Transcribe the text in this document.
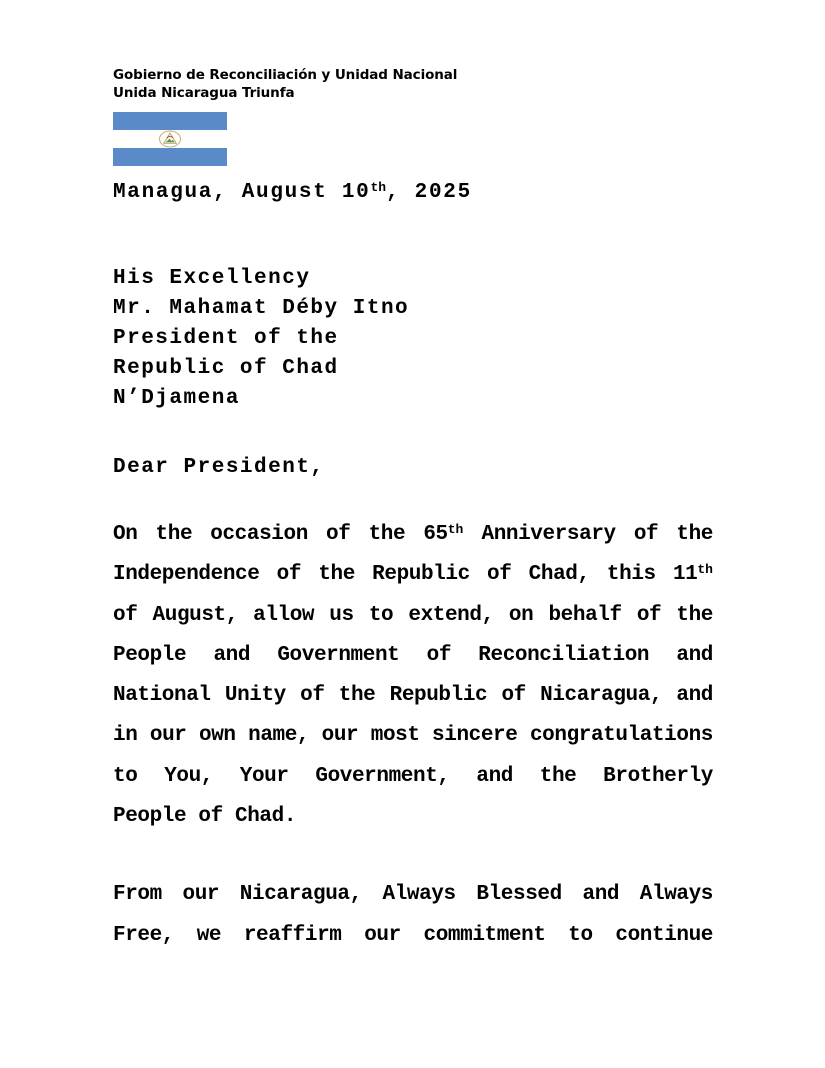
Gobierno de Reconciliación y Unidad Nacional
Unida Nicaragua Triunfa
Managua, August 10th, 2025
His Excellency
Mr. Mahamat Déby Itno
President of the
Republic of Chad
N’Djamena
Dear President,
On the occasion of the 65th Anniversary of the
Independence of the Republic of Chad, this 11th
of August, allow us to extend, on behalf of the
People and Government of Reconciliation and
National Unity of the Republic of Nicaragua, and
in our own name, our most sincere congratulations
to You, Your Government, and the Brotherly
People of Chad.
From our Nicaragua, Always Blessed and Always
Free, we reaffirm our commitment to continue
